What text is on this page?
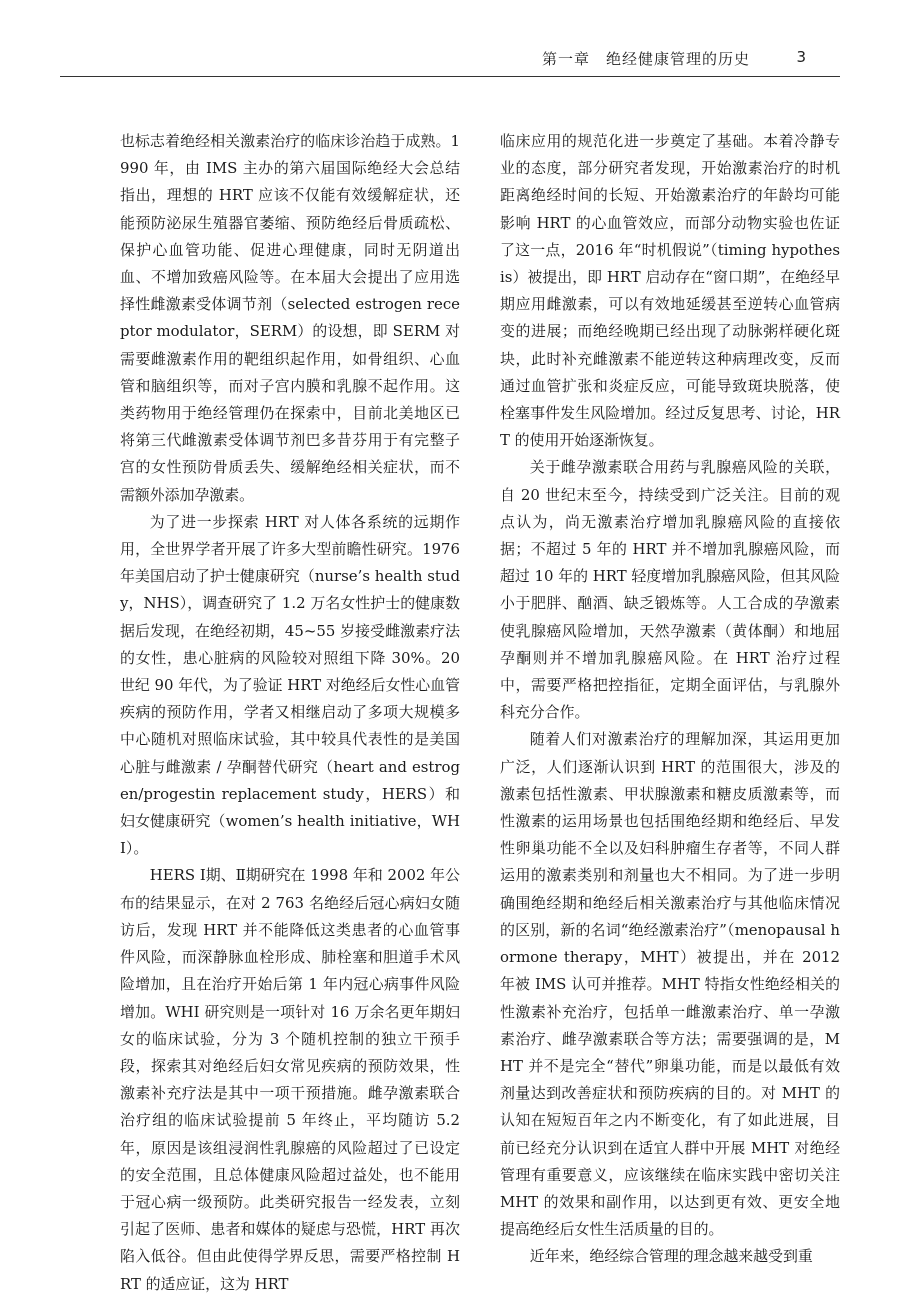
第一章　绝经健康管理的历史	3

也标志着绝经相关激素治疗的临床诊治趋于成熟。1990 年，由 IMS 主办的第六届国际绝经大会总结指出，理想的 HRT 应该不仅能有效缓解症状，还能预防泌尿生殖器官萎缩、预防绝经后骨质疏松、保护心血管功能、促进心理健康，同时无阴道出血、不增加致癌风险等。在本届大会提出了应用选择性雌激素受体调节剂（selected estrogen receptor modulator，SERM）的设想，即 SERM 对需要雌激素作用的靶组织起作用，如骨组织、心血管和脑组织等，而对子宫内膜和乳腺不起作用。这类药物用于绝经管理仍在探索中，目前北美地区已将第三代雌激素受体调节剂巴多昔芬用于有完整子宫的女性预防骨质丢失、缓解绝经相关症状，而不需额外添加孕激素。

为了进一步探索 HRT 对人体各系统的远期作用，全世界学者开展了许多大型前瞻性研究。1976 年美国启动了护士健康研究（nurse’s health study，NHS），调查研究了 1.2 万名女性护士的健康数据后发现，在绝经初期，45~55 岁接受雌激素疗法的女性，患心脏病的风险较对照组下降 30%。20 世纪 90 年代，为了验证 HRT 对绝经后女性心血管疾病的预防作用，学者又相继启动了多项大规模多中心随机对照临床试验，其中较具代表性的是美国心脏与雌激素 / 孕酮替代研究（heart and estrogen/progestin replacement study，HERS）和妇女健康研究（women’s health initiative，WHI）。

HERS Ⅰ期、Ⅱ期研究在 1998 年和 2002 年公布的结果显示，在对 2 763 名绝经后冠心病妇女随访后，发现 HRT 并不能降低这类患者的心血管事件风险，而深静脉血栓形成、肺栓塞和胆道手术风险增加，且在治疗开始后第 1 年内冠心病事件风险增加。WHI 研究则是一项针对 16 万余名更年期妇女的临床试验，分为 3 个随机控制的独立干预手段，探索其对绝经后妇女常见疾病的预防效果，性激素补充疗法是其中一项干预措施。雌孕激素联合治疗组的临床试验提前 5 年终止，平均随访 5.2 年，原因是该组浸润性乳腺癌的风险超过了已设定的安全范围，且总体健康风险超过益处，也不能用于冠心病一级预防。此类研究报告一经发表，立刻引起了医师、患者和媒体的疑虑与恐慌，HRT 再次陷入低谷。但由此使得学界反思，需要严格控制 HRT 的适应证，这为 HRT

临床应用的规范化进一步奠定了基础。本着冷静专业的态度，部分研究者发现，开始激素治疗的时机距离绝经时间的长短、开始激素治疗的年龄均可能影响 HRT 的心血管效应，而部分动物实验也佐证了这一点，2016 年“时机假说”（timing hypothesis）被提出，即 HRT 启动存在“窗口期”，在绝经早期应用雌激素，可以有效地延缓甚至逆转心血管病变的进展；而绝经晚期已经出现了动脉粥样硬化斑块，此时补充雌激素不能逆转这种病理改变，反而通过血管扩张和炎症反应，可能导致斑块脱落，使栓塞事件发生风险增加。经过反复思考、讨论，HRT 的使用开始逐渐恢复。

关于雌孕激素联合用药与乳腺癌风险的关联，自 20 世纪末至今，持续受到广泛关注。目前的观点认为，尚无激素治疗增加乳腺癌风险的直接依据；不超过 5 年的 HRT 并不增加乳腺癌风险，而超过 10 年的 HRT 轻度增加乳腺癌风险，但其风险小于肥胖、酗酒、缺乏锻炼等。人工合成的孕激素使乳腺癌风险增加，天然孕激素（黄体酮）和地屈孕酮则并不增加乳腺癌风险。在 HRT 治疗过程中，需要严格把控指征，定期全面评估，与乳腺外科充分合作。

随着人们对激素治疗的理解加深，其运用更加广泛，人们逐渐认识到 HRT 的范围很大，涉及的激素包括性激素、甲状腺激素和糖皮质激素等，而性激素的运用场景也包括围绝经期和绝经后、早发性卵巢功能不全以及妇科肿瘤生存者等，不同人群运用的激素类别和剂量也大不相同。为了进一步明确围绝经期和绝经后相关激素治疗与其他临床情况的区别，新的名词“绝经激素治疗”（menopausal hormone therapy，MHT）被提出，并在 2012 年被 IMS 认可并推荐。MHT 特指女性绝经相关的性激素补充治疗，包括单一雌激素治疗、单一孕激素治疗、雌孕激素联合等方法；需要强调的是，MHT 并不是完全“替代”卵巢功能，而是以最低有效剂量达到改善症状和预防疾病的目的。对 MHT 的认知在短短百年之内不断变化，有了如此进展，目前已经充分认识到在适宜人群中开展 MHT 对绝经管理有重要意义，应该继续在临床实践中密切关注 MHT 的效果和副作用，以达到更有效、更安全地提高绝经后女性生活质量的目的。

近年来，绝经综合管理的理念越来越受到重
